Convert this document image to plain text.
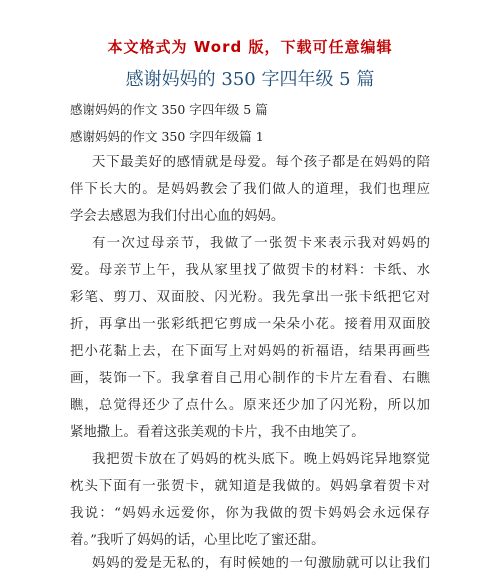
本文格式为 Word 版，下载可任意编辑
感谢妈妈的 350 字四年级 5 篇
感谢妈妈的作文 350 字四年级 5 篇
感谢妈妈的作文 350 字四年级篇 1
天下最美好的感情就是母爱。每个孩子都是在妈妈的陪
伴下长大的。是妈妈教会了我们做人的道理，我们也理应
学会去感恩为我们付出心血的妈妈。
有一次过母亲节，我做了一张贺卡来表示我对妈妈的
爱。母亲节上午，我从家里找了做贺卡的材料：卡纸、水
彩笔、剪刀、双面胶、闪光粉。我先拿出一张卡纸把它对
折，再拿出一张彩纸把它剪成一朵朵小花。接着用双面胶
把小花黏上去，在下面写上对妈妈的祈福语，结果再画些
画，装饰一下。我拿着自己用心制作的卡片左看看、右瞧
瞧，总觉得还少了点什么。原来还少加了闪光粉，所以加
紧地撒上。看着这张美观的卡片，我不由地笑了。
我把贺卡放在了妈妈的枕头底下。晚上妈妈诧异地察觉
枕头下面有一张贺卡，就知道是我做的。妈妈拿着贺卡对
我说：“妈妈永远爱你，你为我做的贺卡妈妈会永远保存
着。”我听了妈妈的话，心里比吃了蜜还甜。
妈妈的爱是无私的，有时候她的一句激励就可以让我们
